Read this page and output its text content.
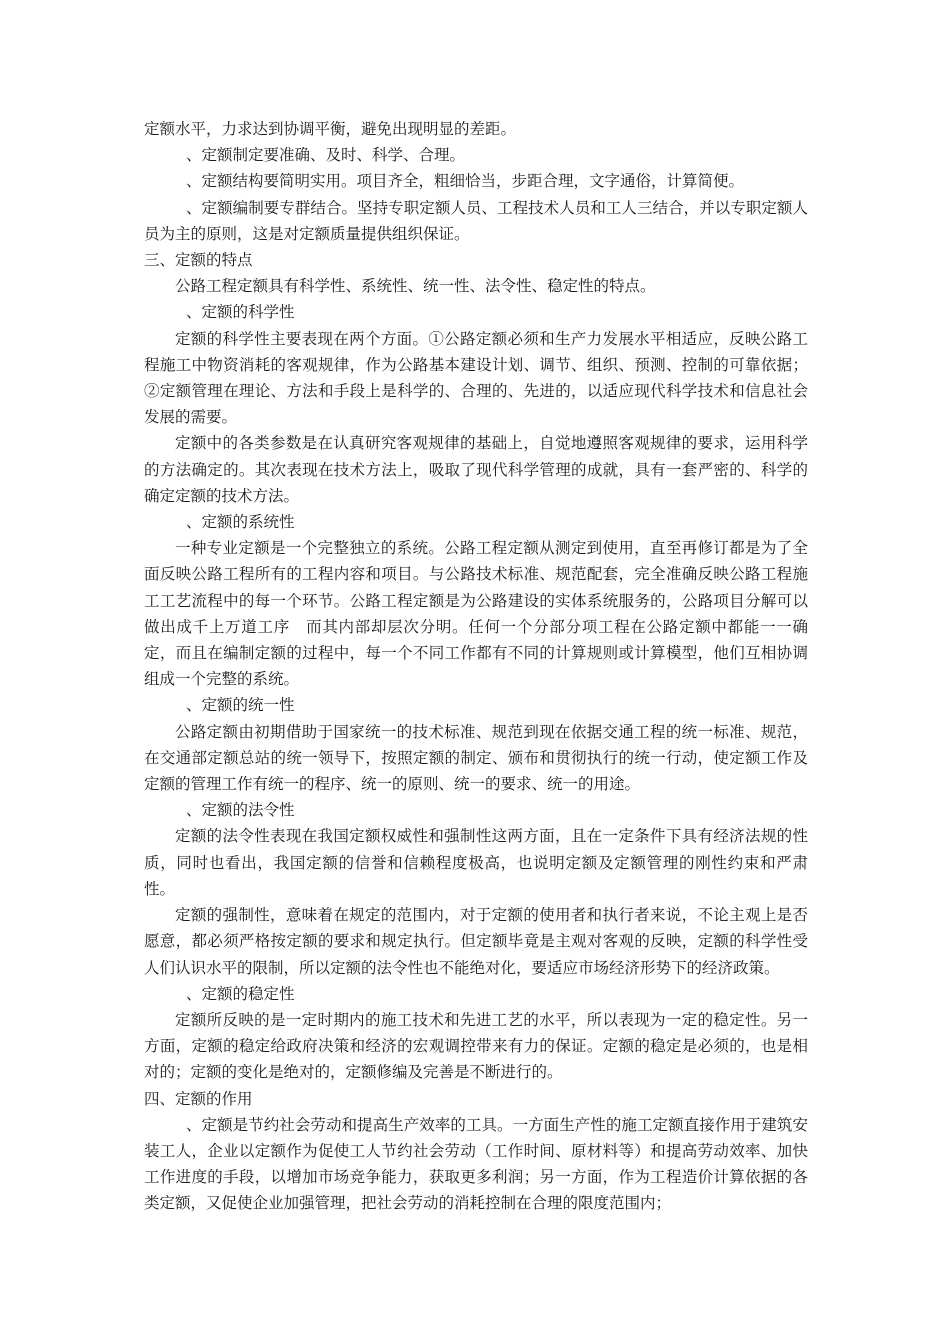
定额水平，力求达到协调平衡，避免出现明显的差距。

、定额制定要准确、及时、科学、合理。

、定额结构要简明实用。项目齐全，粗细恰当，步距合理，文字通俗，计算简便。

、定额编制要专群结合。坚持专职定额人员、工程技术人员和工人三结合，并以专职定额人员为主的原则，这是对定额质量提供组织保证。

三、定额的特点

公路工程定额具有科学性、系统性、统一性、法令性、稳定性的特点。

、定额的科学性

定额的科学性主要表现在两个方面。①公路定额必须和生产力发展水平相适应，反映公路工程施工中物资消耗的客观规律，作为公路基本建设计划、调节、组织、预测、控制的可靠依据；②定额管理在理论、方法和手段上是科学的、合理的、先进的，以适应现代科学技术和信息社会发展的需要。

定额中的各类参数是在认真研究客观规律的基础上，自觉地遵照客观规律的要求，运用科学的方法确定的。其次表现在技术方法上，吸取了现代科学管理的成就，具有一套严密的、科学的确定定额的技术方法。

、定额的系统性

一种专业定额是一个完整独立的系统。公路工程定额从测定到使用，直至再修订都是为了全面反映公路工程所有的工程内容和项目。与公路技术标准、规范配套，完全准确反映公路工程施工工艺流程中的每一个环节。公路工程定额是为公路建设的实体系统服务的，公路项目分解可以做出成千上万道工序　而其内部却层次分明。任何一个分部分项工程在公路定额中都能一一确定，而且在编制定额的过程中，每一个不同工作都有不同的计算规则或计算模型，他们互相协调组成一个完整的系统。

、定额的统一性

公路定额由初期借助于国家统一的技术标准、规范到现在依据交通工程的统一标准、规范，在交通部定额总站的统一领导下，按照定额的制定、颁布和贯彻执行的统一行动，使定额工作及定额的管理工作有统一的程序、统一的原则、统一的要求、统一的用途。

、定额的法令性

定额的法令性表现在我国定额权威性和强制性这两方面，且在一定条件下具有经济法规的性质，同时也看出，我国定额的信誉和信赖程度极高，也说明定额及定额管理的刚性约束和严肃性。

定额的强制性，意味着在规定的范围内，对于定额的使用者和执行者来说，不论主观上是否愿意，都必须严格按定额的要求和规定执行。但定额毕竟是主观对客观的反映，定额的科学性受人们认识水平的限制，所以定额的法令性也不能绝对化，要适应市场经济形势下的经济政策。

、定额的稳定性

定额所反映的是一定时期内的施工技术和先进工艺的水平，所以表现为一定的稳定性。另一方面，定额的稳定给政府决策和经济的宏观调控带来有力的保证。定额的稳定是必须的，也是相对的；定额的变化是绝对的，定额修编及完善是不断进行的。

四、定额的作用

、定额是节约社会劳动和提高生产效率的工具。一方面生产性的施工定额直接作用于建筑安装工人，企业以定额作为促使工人节约社会劳动（工作时间、原材料等）和提高劳动效率、加快工作进度的手段，以增加市场竞争能力，获取更多利润；另一方面，作为工程造价计算依据的各类定额，又促使企业加强管理，把社会劳动的消耗控制在合理的限度范围内；
